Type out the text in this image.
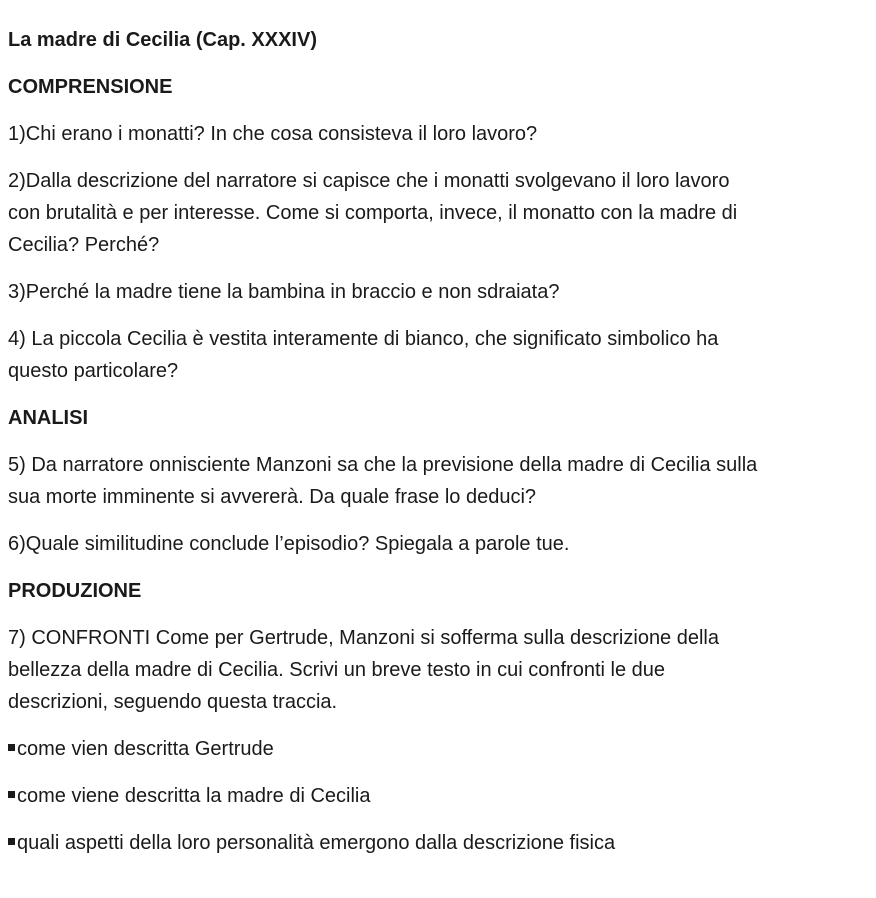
La madre di Cecilia (Cap. XXXIV)

COMPRENSIONE

1)Chi erano i monatti? In che cosa consisteva il loro lavoro?

2)Dalla descrizione del narratore si capisce che i monatti svolgevano il loro lavoro

con brutalità e per interesse. Come si comporta, invece, il monatto con la madre di

Cecilia? Perché?

3)Perché la madre tiene la bambina in braccio e non sdraiata?

4) La piccola Cecilia è vestita interamente di bianco, che significato simbolico ha

questo particolare?

ANALISI

5) Da narratore onnisciente Manzoni sa che la previsione della madre di Cecilia sulla

sua morte imminente si avvererà. Da quale frase lo deduci?

6)Quale similitudine conclude l’episodio? Spiegala a parole tue.

PRODUZIONE

7) CONFRONTI Come per Gertrude, Manzoni si sofferma sulla descrizione della

bellezza della madre di Cecilia. Scrivi un breve testo in cui confronti le due

descrizioni, seguendo questa traccia.

come vien descritta Gertrude

come viene descritta la madre di Cecilia

quali aspetti della loro personalità emergono dalla descrizione fisica
